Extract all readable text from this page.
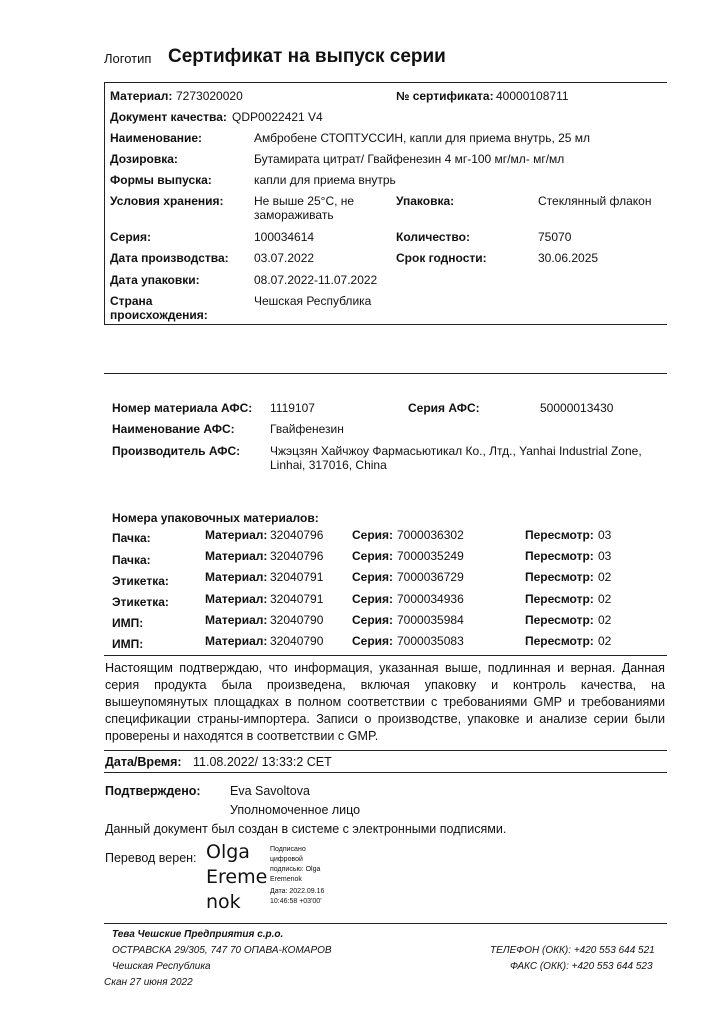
Логотип Сертификат на выпуск серии
Материал: 7273020020	№ сертификата: 40000108711
Документ качества: QDP0022421 V4
Наименование:	Амбробене СТОПТУССИН, капли для приема внутрь, 25 мл
Дозировка:	Бутамирата цитрат/ Гвайфенезин 4 мг-100 мг/мл- мг/мл
Формы выпуска:	капли для приема внутрь
Условия хранения:	Не выше 25°С, не
замораживать
Упаковка:	Стеклянный флакон
Серия:	100034614	Количество:	75070
Дата производства: 03.07.2022	Срок годности:	30.06.2025
Дата упаковки:	08.07.2022-11.07.2022
Страна
происхождения:
Чешская Республика
Номер материала АФС: 1119107	Серия АФС:	50000013430
Наименование АФС:	Гвайфенезин
Производитель АФС: Чжэцзян Хайчжоу Фармасьютикал Ко., Лтд., Yanhai Industrial Zone,
Linhai, 317016, China
Номера упаковочных материалов:
Пачка:	Материал: 32040796 Серия: 7000036302	Пересмотр: 03
Пачка:	Материал: 32040796 Серия: 7000035249	Пересмотр: 03
Этикетка:	Материал: 32040791 Серия: 7000036729	Пересмотр: 02
Этикетка:	Материал: 32040791 Серия: 7000034936	Пересмотр: 02
ИМП:	Материал: 32040790 Серия: 7000035984	Пересмотр: 02
ИМП:	Материал: 32040790 Серия: 7000035083	Пересмотр: 02
Настоящим подтверждаю, что информация, указанная выше, подлинная и верная. Данная серия продукта была произведена, включая упаковку и контроль качества, на вышеупомянутых площадках в полном соответствии с требованиями GMP и требованиями спецификации страны-импортера. Записи о производстве, упаковке и анализе серии были проверены и находятся в соответствии с GMP.
Дата/Время: 11.08.2022/ 13:33:2 CET
Подтверждено: Eva Savoltova
Уполномоченное лицо
Данный документ был создан в системе с электронными подписями.
Перевод верен: Olga
Ereme
nok
Подписано
цифровой
подписью: Olga
Eremenok
Дата: 2022.09.16
10:46:58 +03'00'
Тева Чешские Предприятия с.р.о.
ОСТРАВСКА 29/305, 747 70 ОПАВА-КОМАРОВ
Чешская Республика
Скан 27 июня 2022
ТЕЛЕФОН (ОКК): +420 553 644 521
ФАКС (ОКК): +420 553 644 523
